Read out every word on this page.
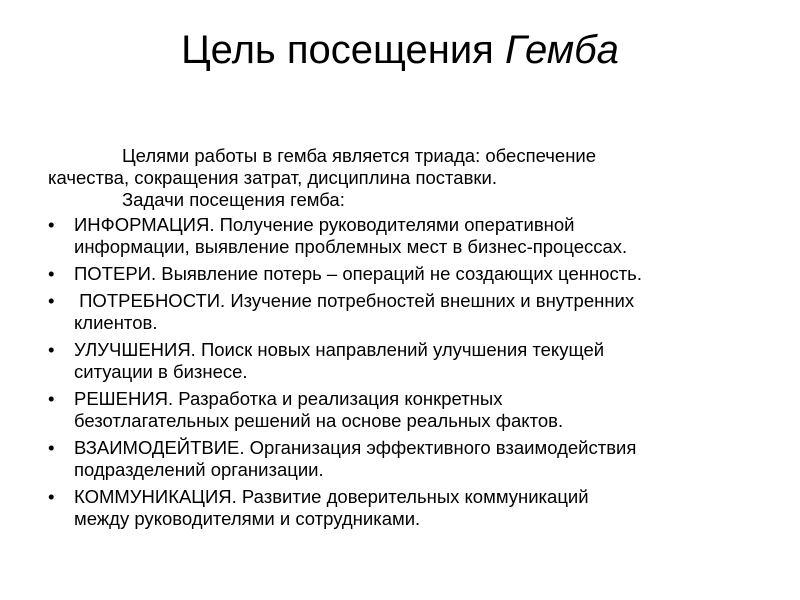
Цель посещения Гемба

Целями работы в гемба является триада: обеспечение
качества, сокращения затрат, дисциплина поставки.

Задачи посещения гемба:

•	ИНФОРМАЦИЯ. Получение руководителями оперативной
информации, выявление проблемных мест в бизнес-процессах.
•	ПОТЕРИ. Выявление потерь – операций не создающих ценность.
•	ПОТРЕБНОСТИ. Изучение потребностей внешних и внутренних
клиентов.
•	УЛУЧШЕНИЯ. Поиск новых направлений улучшения текущей
ситуации в бизнесе.
•	РЕШЕНИЯ. Разработка и реализация конкретных
безотлагательных решений на основе реальных фактов.
•	ВЗАИМОДЕЙТВИЕ. Организация эффективного взаимодействия
подразделений организации.
•	КОММУНИКАЦИЯ. Развитие доверительных коммуникаций
между руководителями и сотрудниками.
